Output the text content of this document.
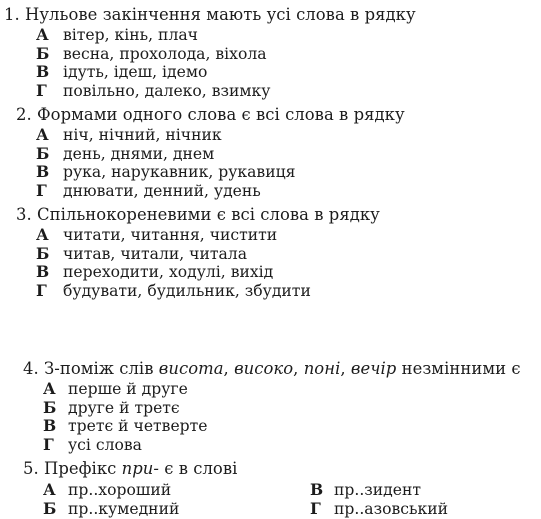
1. Нульове закінчення мають усі слова в рядку
А вітер, кінь, плач
Б весна, прохолода, віхола
В ідуть, ідеш, ідемо
Г повільно, далеко, взимку
2. Формами одного слова є всі слова в рядку
А ніч, нічний, нічник
Б день, днями, днем
В рука, нарукавник, рукавиця
Г днювати, денний, удень
3. Спільнокореневими є всі слова в рядку
А читати, читання, чистити
Б читав, читали, читала
В переходити, ходулі, вихід
Г будувати, будильник, збудити
4. З-поміж слів висота, високо, поні, вечір незмінними є
А перше й друге
Б друге й третє
В третє й четверте
Г усі слова
5. Префікс при- є в слові
А пр..хороший
Б пр..кумедний
В пр..зидент
Г пр..азовський
